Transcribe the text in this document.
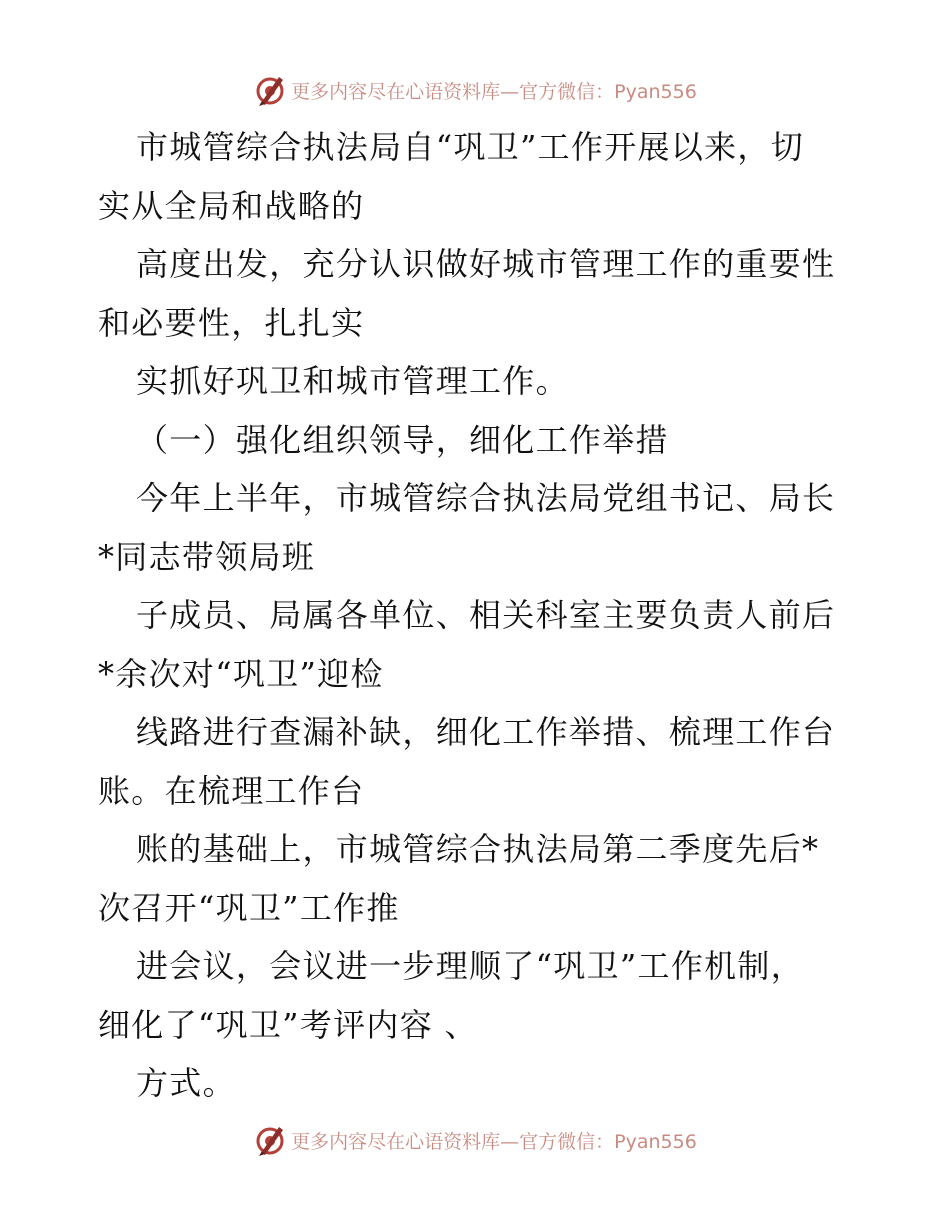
更多内容尽在心语资料库—官方微信：Pyan556
市城管综合执法局自“巩卫”工作开展以来，切
实从全局和战略的
高度出发，充分认识做好城市管理工作的重要性
和必要性，扎扎实
实抓好巩卫和城市管理工作。
（一）强化组织领导，细化工作举措
今年上半年，市城管综合执法局党组书记、局长
*同志带领局班
子成员、局属各单位、相关科室主要负责人前后
*余次对“巩卫”迎检
线路进行查漏补缺，细化工作举措、梳理工作台
账。在梳理工作台
账的基础上，市城管综合执法局第二季度先后*
次召开“巩卫”工作推
进会议，会议进一步理顺了“巩卫”工作机制，
细化了“巩卫”考评内容 、
方式。
更多内容尽在心语资料库—官方微信：Pyan556
